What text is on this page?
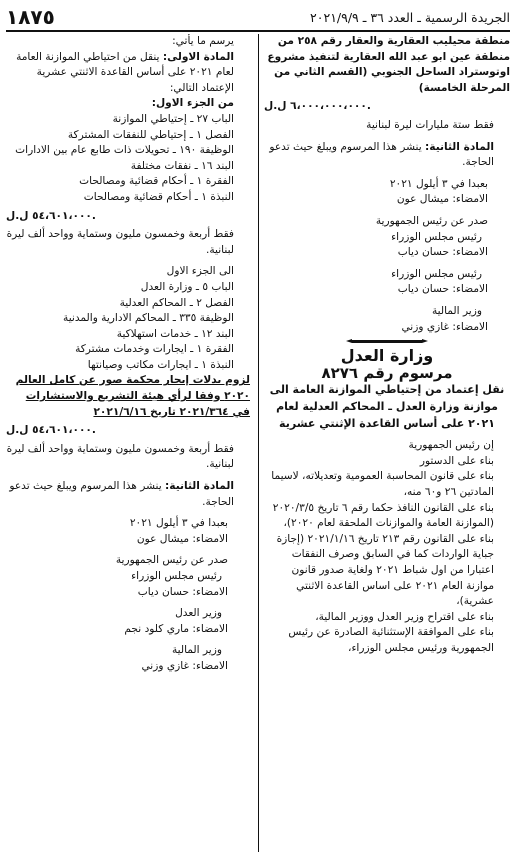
الجريدة الرسمية ـ العدد ٣٦ ـ ٢٠٢١/٩/٩
١٨٧٥

منطقة محيليب العقارية والعقار رقم ٢٥٨ من منطقة عين ابو عبد الله العقارية لتنفيذ مشروع اوتوستراد الساحل الجنوبي (القسم الثاني من المرحلة الخامسة)

٦،٠٠٠،٠٠٠،٠٠٠ ل.ل.

فقط ستة مليارات ليرة لبنانية

المادة الثانية: ينشر هذا المرسوم ويبلغ حيث تدعو الحاجة.

بعبدا في ٣ أيلول ٢٠٢١

الامضاء: ميشال عون

صدر عن رئيس الجمهورية

رئيس مجلس الوزراء

الامضاء: حسان دياب

رئيس مجلس الوزراء

الامضاء: حسان دياب

وزير المالية

الامضاء: غازي وزني

وزارة العدل

مرسوم رقم ٨٢٧٦

نقل إعتماد من إحتياطي الموازنة العامة الى موازنة وزارة العدل ـ المحاكم العدلية لعام ٢٠٢١ على أساس القاعدة الإثنتي عشرية

إن رئيس الجمهورية

بناء على الدستور

بناء على قانون المحاسبة العمومية وتعديلاته، لاسيما المادتين ٢٦ و٦٠ منه،

بناء على القانون النافذ حكما رقم ٦ تاريخ ٢٠٢٠/٣/٥ (الموازنة العامة والموازنات الملحقة لعام ٢٠٢٠)،

بناء على القانون رقم ٢١٣ تاريخ ٢٠٢١/١/١٦ (إجازة جباية الواردات كما في السابق وصرف النفقات اعتبارا من اول شباط ٢٠٢١ ولغاية صدور قانون موازنة العام ٢٠٢١ على اساس القاعدة الاثنتي عشرية)،

بناء على اقتراح وزير العدل ووزير المالية،

بناء على الموافقة الإستثنائية الصادرة عن رئيس الجمهورية ورئيس مجلس الوزراء،

يرسم ما يأتي:

المادة الاولى: ينقل من احتياطي الموازنة العامة لعام ٢٠٢١ على أساس القاعدة الاثنتي عشرية الإعتماد التالي:

من الجزء الاول:

الباب ٢٧ ـ إحتياطي الموازنة

الفصل ١ ـ إحتياطي للنفقات المشتركة

الوظيفة ١٩٠ ـ تحويلات ذات طابع عام بين الادارات

البند ١٦ ـ نفقات مختلفة

الفقرة ١ ـ أحكام قضائية ومصالحات

النبذة ١ ـ أحكام قضائية ومصالحات

٥٤،٦٠١،٠٠٠ ل.ل.

فقط أربعة وخمسون مليون وستماية وواحد ألف ليرة لبنانية.

الى الجزء الاول

الباب ٥ ـ وزارة العدل

الفصل ٢ ـ المحاكم العدلية

الوظيفة ٣٣٥ ـ المحاكم الادارية والمدنية

البند ١٢ ـ خدمات استهلاكية

الفقرة ١ ـ ايجارات وخدمات مشتركة

النبذة ١ ـ ايجارات مكاتب وصيانتها

لزوم بدلات إيجار محكمة صور عن كامل العالم ٢٠٢٠ وفقا لرأي هيئة التشريع والاستشارات في ٢٠٢١/٣٦٤ تاريخ ٢٠٢١/٦/١٦

٥٤،٦٠١،٠٠٠ ل.ل.

فقط أربعة وخمسون مليون وستماية وواحد ألف ليرة لبنانية.

المادة الثانية: ينشر هذا المرسوم ويبلغ حيث تدعو الحاجة.

بعبدا في ٣ أيلول ٢٠٢١

الامضاء: ميشال عون

صدر عن رئيس الجمهورية

رئيس مجلس الوزراء

الامضاء: حسان دياب

وزير العدل

الامضاء: ماري كلود نجم

وزير المالية

الامضاء: غازي وزني
